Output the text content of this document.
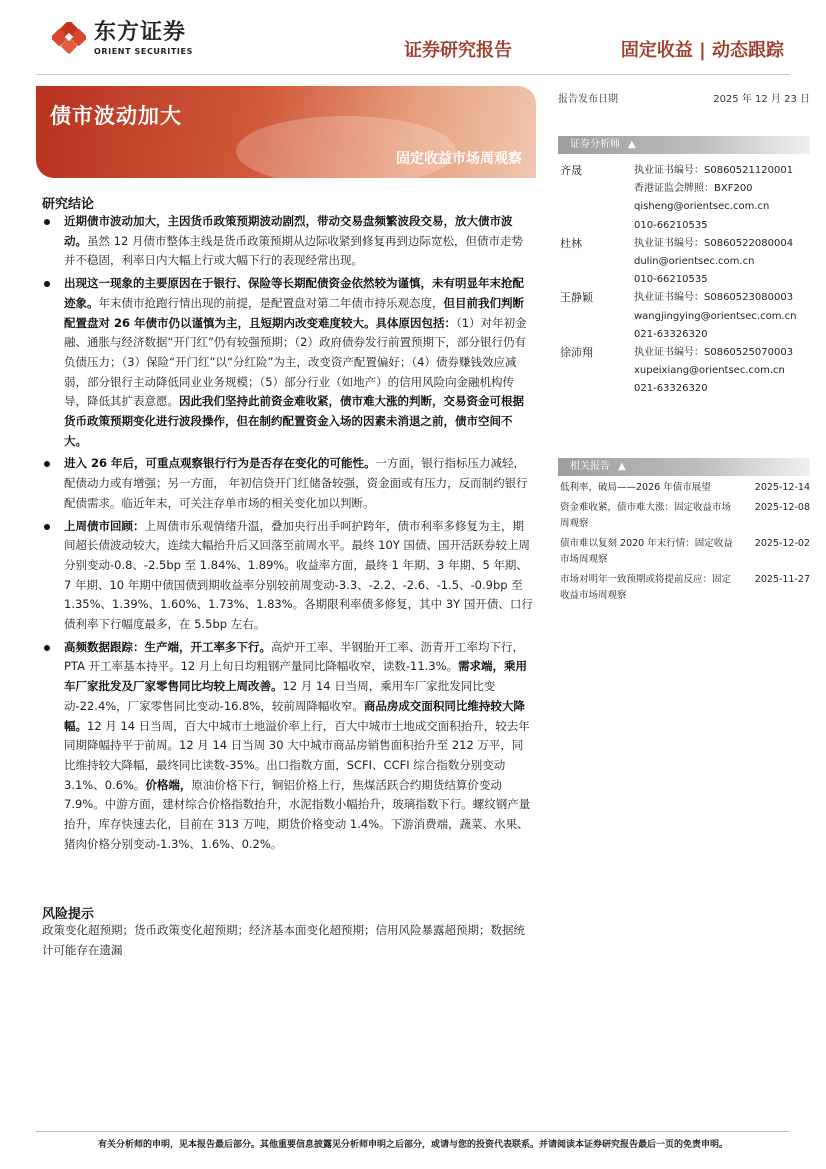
东方证券
ORIENT SECURITIES	证券研究报告	固定收益 | 动态跟踪
债市波动加大
固定收益市场周观察
报告发布日期	2025 年 12 月 23 日
研究结论
近期债市波动加大，主因货币政策预期波动剧烈，带动交易盘频繁波段交易，放大债市波动。虽然 12 月债市整体主线是货币政策预期从边际收紧到修复再到边际宽松，但债市走势并不稳固，利率日内大幅上行或大幅下行的表现经常出现。
出现这一现象的主要原因在于银行、保险等长期配债资金依然较为谨慎，未有明显年末抢配迹象。年末债市抢跑行情出现的前提，是配置盘对第二年债市持乐观态度，但目前我们判断配置盘对 26 年债市仍以谨慎为主，且短期内改变难度较大。具体原因包括：（1）对年初金融、通胀与经济数据“开门红”仍有较强预期；（2）政府债券发行前置预期下，部分银行仍有负债压力；（3）保险“开门红”以“分红险”为主，改变资产配置偏好；（4）债券赚钱效应减弱，部分银行主动降低同业业务规模；（5）部分行业（如地产）的信用风险向金融机构传导，降低其扩表意愿。因此我们坚持此前资金难收紧，债市难大涨的判断，交易资金可根据货币政策预期变化进行波段操作，但在制约配置资金入场的因素未消退之前，债市空间不大。
进入 26 年后，可重点观察银行行为是否存在变化的可能性。一方面，银行指标压力减轻，配债动力或有增强；另一方面， 年初信贷开门红储备较强，资金面或有压力，反而制约银行配债需求。临近年末，可关注存单市场的相关变化加以判断。
上周债市回顾：上周债市乐观情绪升温，叠加央行出手呵护跨年，债市利率多修复为主，期间超长债波动较大，连续大幅抬升后又回落至前周水平。最终 10Y 国债、国开活跃券较上周分别变动-0.8、-2.5bp 至 1.84%、1.89%。收益率方面，最终 1 年期、3 年期、5 年期、7 年期、10 年期中债国债到期收益率分别较前周变动-3.3、-2.2、-2.6、-1.5、-0.9bp 至 1.35%、1.39%、1.60%、1.73%、1.83%。各期限利率债多修复，其中 3Y 国开债、口行债利率下行幅度最多，在 5.5bp 左右。
高频数据跟踪：生产端，开工率多下行。高炉开工率、半钢胎开工率、沥青开工率均下行， PTA 开工率基本持平。12 月上旬日均粗钢产量同比降幅收窄，读数-11.3%。需求端，乘用车厂家批发及厂家零售同比均较上周改善。12 月 14 日当周，乘用车厂家批发同比变动-22.4%，厂家零售同比变动-16.8%，较前周降幅收窄。商品房成交面积同比维持较大降幅。12 月 14 日当周，百大中城市土地溢价率上行，百大中城市土地成交面积抬升，较去年同期降幅持平于前周。12 月 14 日当周 30 大中城市商品房销售面积抬升至 212 万平，同比维持较大降幅，最终同比读数-35%。出口指数方面，SCFI、CCFI 综合指数分别变动 3.1%、0.6%。价格端，原油价格下行，铜铝价格上行，焦煤活跃合约期货结算价变动 7.9%。中游方面，建材综合价格指数抬升，水泥指数小幅抬升，玻璃指数下行。螺纹钢产量抬升，库存快速去化，目前在 313 万吨，期货价格变动 1.4%。下游消费端，蔬菜、水果、猪肉价格分别变动-1.3%、1.6%、0.2%。
风险提示
政策变化超预期；货币政策变化超预期；经济基本面变化超预期；信用风险暴露超预期；数据统计可能存在遗漏
证券分析师 ▲
齐晟	执业证书编号：S0860521120001
香港证监会牌照：BXF200
qisheng@orientsec.com.cn
010-66210535
杜林	执业证书编号：S0860522080004
dulin@orientsec.com.cn
010-66210535
王静颖	执业证书编号：S0860523080003
wangjingying@orientsec.com.cn
021-63326320
徐沛翔	执业证书编号：S0860525070003
xupeixiang@orientsec.com.cn
021-63326320
相关报告 ▲
低利率，破局——2026 年债市展望	2025-12-14
资金难收紧，债市难大涨：固定收益市场周观察
2025-12-08
债市难以复刻 2020 年末行情：固定收益市场周观察
2025-12-02
市场对明年一致预期或将提前反应：固定收益市场周观察
2025-11-27
有关分析师的申明，见本报告最后部分。其他重要信息披露见分析师申明之后部分，或请与您的投资代表联系。并请阅读本证券研究报告最后一页的免责申明。
